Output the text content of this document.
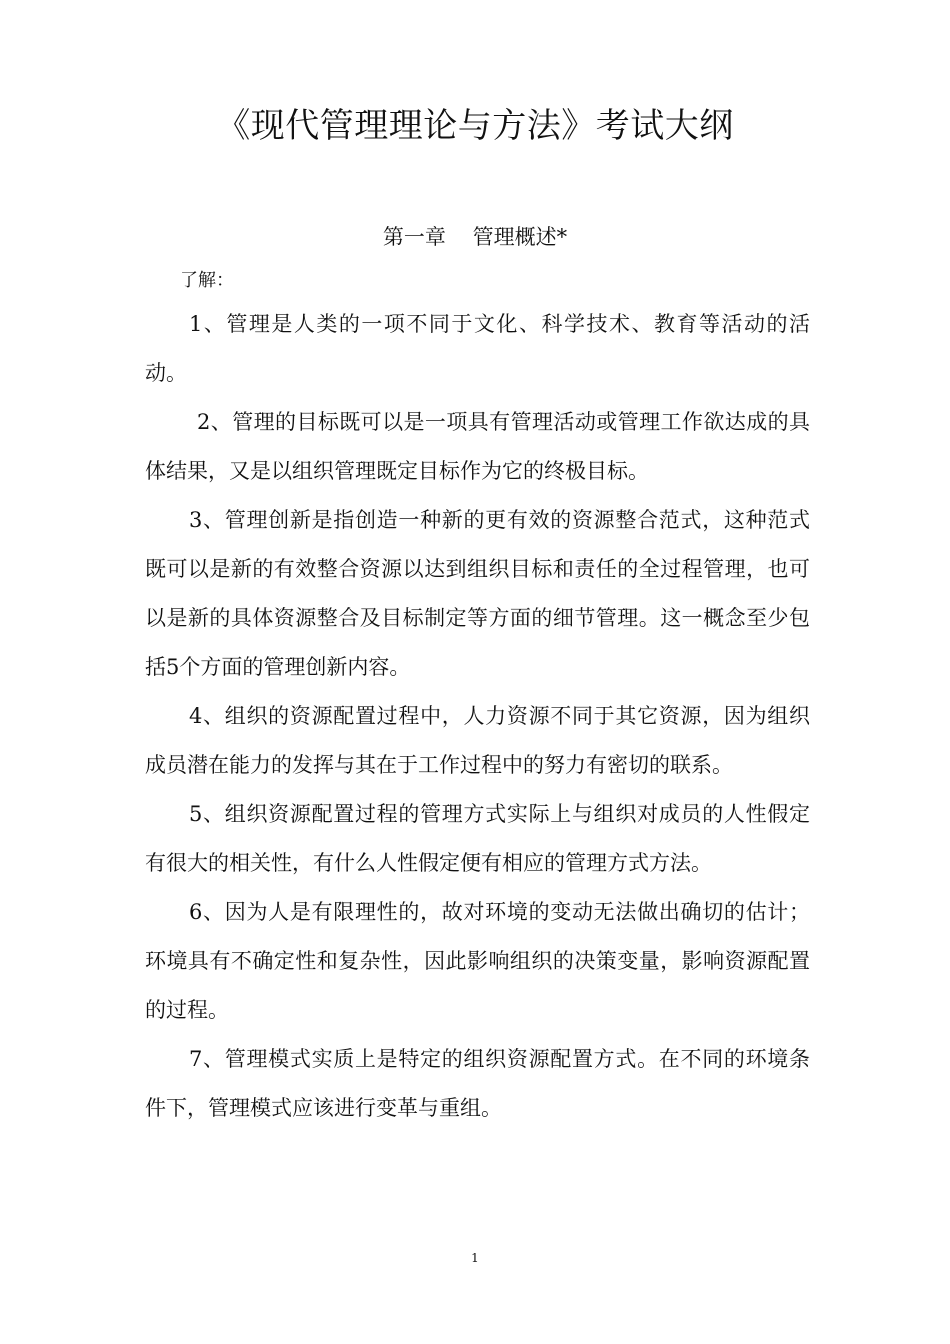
《现代管理理论与方法》考试大纲
第一章    管理概述*
了解：

1、管理是人类的一项不同于文化、科学技术、教育等活动的活动。

2、管理的目标既可以是一项具有管理活动或管理工作欲达成的具体结果，又是以组织管理既定目标作为它的终极目标。

3、管理创新是指创造一种新的更有效的资源整合范式，这种范式既可以是新的有效整合资源以达到组织目标和责任的全过程管理，也可以是新的具体资源整合及目标制定等方面的细节管理。这一概念至少包括5个方面的管理创新内容。

4、组织的资源配置过程中，人力资源不同于其它资源，因为组织成员潜在能力的发挥与其在于工作过程中的努力有密切的联系。

5、组织资源配置过程的管理方式实际上与组织对成员的人性假定有很大的相关性，有什么人性假定便有相应的管理方式方法。

6、因为人是有限理性的，故对环境的变动无法做出确切的估计；环境具有不确定性和复杂性，因此影响组织的决策变量，影响资源配置的过程。

7、管理模式实质上是特定的组织资源配置方式。在不同的环境条件下，管理模式应该进行变革与重组。

1
